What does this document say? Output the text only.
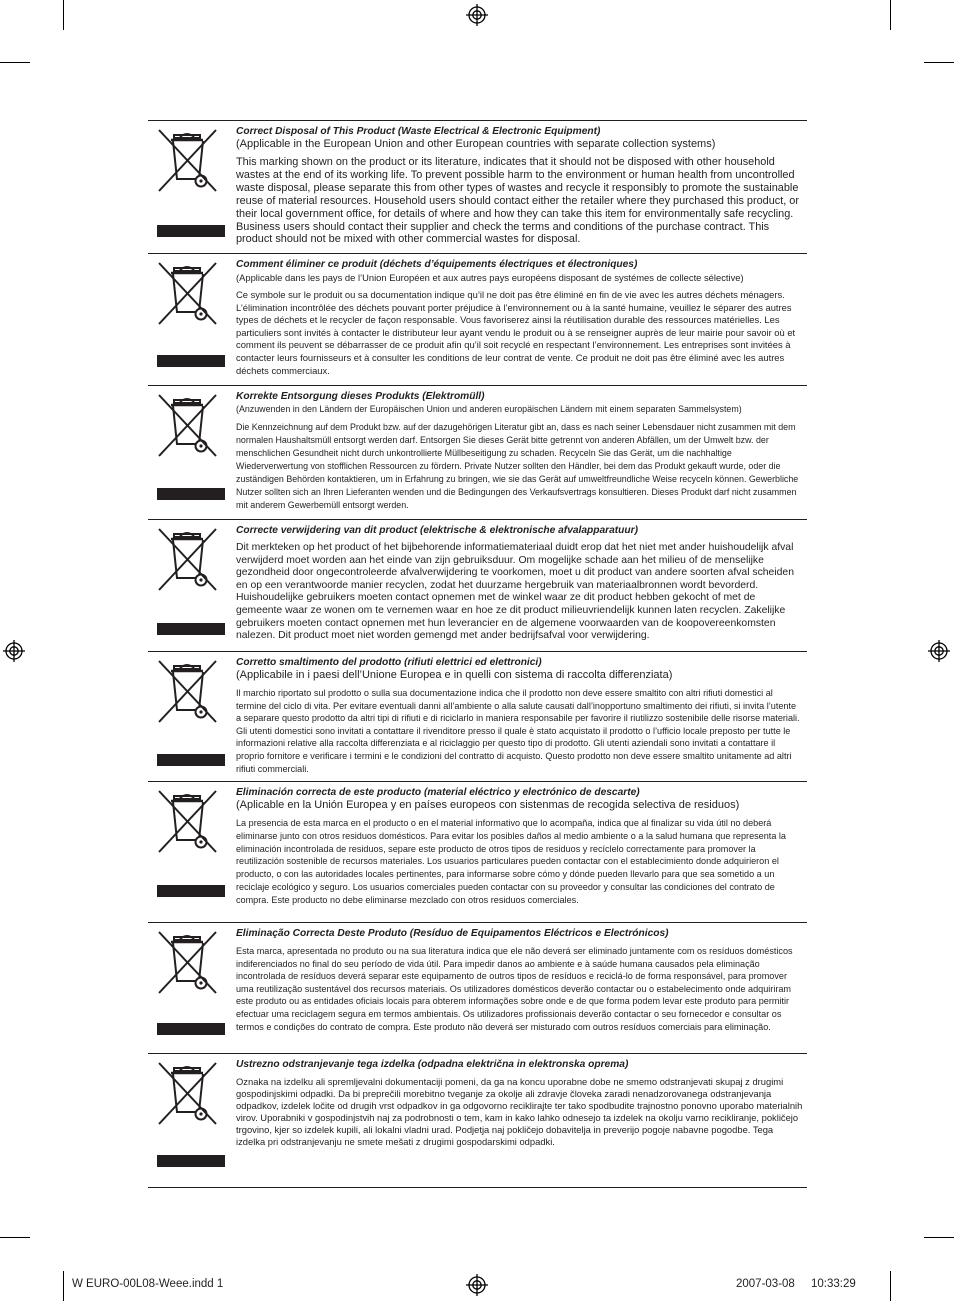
Correct Disposal of This Product (Waste Electrical & Electronic Equipment)

(Applicable in the European Union and other European countries with separate collection systems)

This marking shown on the product or its literature, indicates that it should not be disposed with other household wastes at the end of its working life. To prevent possible harm to the environment or human health from uncontrolled waste disposal, please separate this from other types of wastes and recycle it responsibly to promote the sustainable reuse of material resources. Household users should contact either the retailer where they purchased this product, or their local government office, for details of where and how they can take this item for environmentally safe recycling. Business users should contact their supplier and check the terms and conditions of the purchase contract. This product should not be mixed with other commercial wastes for disposal.

Comment éliminer ce produit (déchets d’équipements électriques et électroniques)

(Applicable dans les pays de l’Union Européen et aux autres pays européens disposant de systémes de collecte sélective)

Ce symbole sur le produit ou sa documentation indique qu’il ne doit pas être éliminé en fin de vie avec les autres déchets ménagers. L’élimination incontrôlée des déchets pouvant porter préjudice à l’environnement ou à la santé humaine, veuillez le séparer des autres types de déchets et le recycler de façon responsable. Vous favoriserez ainsi la réutilisation durable des ressources matérielles. Les particuliers sont invités à contacter le distributeur leur ayant vendu le produit ou à se renseigner auprès de leur mairie pour savoir où et comment ils peuvent se débarrasser de ce produit afin qu’il soit recyclé en respectant l’environnement. Les entreprises sont invitées à contacter leurs fournisseurs et à consulter les conditions de leur contrat de vente. Ce produit ne doit pas être éliminé avec les autres déchets commerciaux.

Korrekte Entsorgung dieses Produkts (Elektromüll)

(Anzuwenden in den Ländern der Europäischen Union und anderen europäischen Ländern mit einem separaten Sammelsystem)

Die Kennzeichnung auf dem Produkt bzw. auf der dazugehörigen Literatur gibt an, dass es nach seiner Lebensdauer nicht zusammen mit dem normalen Haushaltsmüll entsorgt werden darf. Entsorgen Sie dieses Gerät bitte getrennt von anderen Abfällen, um der Umwelt bzw. der menschlichen Gesundheit nicht durch unkontrollierte Müllbeseitigung zu schaden. Recyceln Sie das Gerät, um die nachhaltige Wiederverwertung von stofflichen Ressourcen zu fördern. Private Nutzer sollten den Händler, bei dem das Produkt gekauft wurde, oder die zuständigen Behörden kontaktieren, um in Erfahrung zu bringen, wie sie das Gerät auf umweltfreundliche Weise recyceln können. Gewerbliche Nutzer sollten sich an Ihren Lieferanten wenden und die Bedingungen des Verkaufsvertrags konsultieren. Dieses Produkt darf nicht zusammen mit anderem Gewerbemüll entsorgt werden.

Correcte verwijdering van dit product (elektrische & elektronische afvalapparatuur)

Dit merkteken op het product of het bijbehorende informatiemateriaal duidt erop dat het niet met ander huishoudelijk afval verwijderd moet worden aan het einde van zijn gebruiksduur. Om mogelijke schade aan het milieu of de menselijke gezondheid door ongecontroleerde afvalverwijdering te voorkomen, moet u dit product van andere soorten afval scheiden en op een verantwoorde manier recyclen, zodat het duurzame hergebruik van materiaalbronnen wordt bevorderd. Huishoudelijke gebruikers moeten contact opnemen met de winkel waar ze dit product hebben gekocht of met de gemeente waar ze wonen om te vernemen waar en hoe ze dit product milieuvriendelijk kunnen laten recyclen. Zakelijke gebruikers moeten contact opnemen met hun leverancier en de algemene voorwaarden van de koopovereenkomsten nalezen. Dit product moet niet worden gemengd met ander bedrijfsafval voor verwijdering.

Corretto smaltimento del prodotto (rifiuti elettrici ed elettronici)

(Applicabile in i paesi dell’Unione Europea e in quelli con sistema di raccolta differenziata)

Il marchio riportato sul prodotto o sulla sua documentazione indica che il prodotto non deve essere smaltito con altri rifiuti domestici al termine del ciclo di vita. Per evitare eventuali danni all’ambiente o alla salute causati dall’inopportuno smaltimento dei rifiuti, si invita l’utente a separare questo prodotto da altri tipi di rifiuti e di riciclarlo in maniera responsabile per favorire il riutilizzo sostenibile delle risorse materiali. Gli utenti domestici sono invitati a contattare il rivenditore presso il quale è stato acquistato il prodotto o l’ufficio locale preposto per tutte le informazioni relative alla raccolta differenziata e al riciclaggio per questo tipo di prodotto. Gli utenti aziendali sono invitati a contattare il proprio fornitore e verificare i termini e le condizioni del contratto di acquisto. Questo prodotto non deve essere smaltito unitamente ad altri rifiuti commerciali.

Eliminación correcta de este producto (material eléctrico y electrónico de descarte)

(Aplicable en la Unión Europea y en países europeos con sistenmas de recogida selectiva de residuos)

La presencia de esta marca en el producto o en el material informativo que lo acompaña, indica que al finalizar su vida útil no deberá eliminarse junto con otros residuos domésticos. Para evitar los posibles daños al medio ambiente o a la salud humana que representa la eliminación incontrolada de residuos, separe este producto de otros tipos de residuos y recíclelo correctamente para promover la reutilización sostenible de recursos materiales. Los usuarios particulares pueden contactar con el establecimiento donde adquirieron el producto, o con las autoridades locales pertinentes, para informarse sobre cómo y dónde pueden llevarlo para que sea sometido a un reciclaje ecológico y seguro. Los usuarios comerciales pueden contactar con su proveedor y consultar las condiciones del contrato de compra. Este producto no debe eliminarse mezclado con otros residuos comerciales.

Eliminação Correcta Deste Produto (Resíduo de Equipamentos Eléctricos e Electrónicos)

Esta marca, apresentada no produto ou na sua literatura indica que ele não deverá ser eliminado juntamente com os resíduos domésticos indiferenciados no final do seu período de vida útil. Para impedir danos ao ambiente e à saúde humana causados pela eliminação incontrolada de resíduos deverá separar este equipamento de outros tipos de resíduos e reciclá-lo de forma responsável, para promover uma reutilização sustentável dos recursos materiais. Os utilizadores domésticos deverão contactar ou o estabelecimento onde adquiriram este produto ou as entidades oficiais locais para obterem informações sobre onde e de que forma podem levar este produto para permitir efectuar uma reciclagem segura em termos ambientais. Os utilizadores profissionais deverão contactar o seu fornecedor e consultar os termos e condições do contrato de compra. Este produto não deverá ser misturado com outros resíduos comerciais para eliminação.

Ustrezno odstranjevanje tega izdelka (odpadna električna in elektronska oprema)

Oznaka na izdelku ali spremljevalni dokumentaciji pomeni, da ga na koncu uporabne dobe ne smemo odstranjevati skupaj z drugimi gospodinjskimi odpadki. Da bi preprečili morebitno tveganje za okolje ali zdravje človeka zaradi nenadzorovanega odstranjevanja odpadkov, izdelek ločite od drugih vrst odpadkov in ga odgovorno reciklirajte ter tako spodbudite trajnostno ponovno uporabo materialnih virov. Uporabniki v gospodinjstvih naj za podrobnosti o tem, kam in kako lahko odnesejo ta izdelek na okolju varno recikliranje, pokličejo trgovino, kjer so izdelek kupili, ali lokalni vladni urad. Podjetja naj pokličejo dobavitelja in preverijo pogoje nabavne pogodbe. Tega izdelka pri odstranjevanju ne smete mešati z drugimi gospodarskimi odpadki.

W EURO-00L08-Weee.indd 1	2007-03-08 10:33:29
